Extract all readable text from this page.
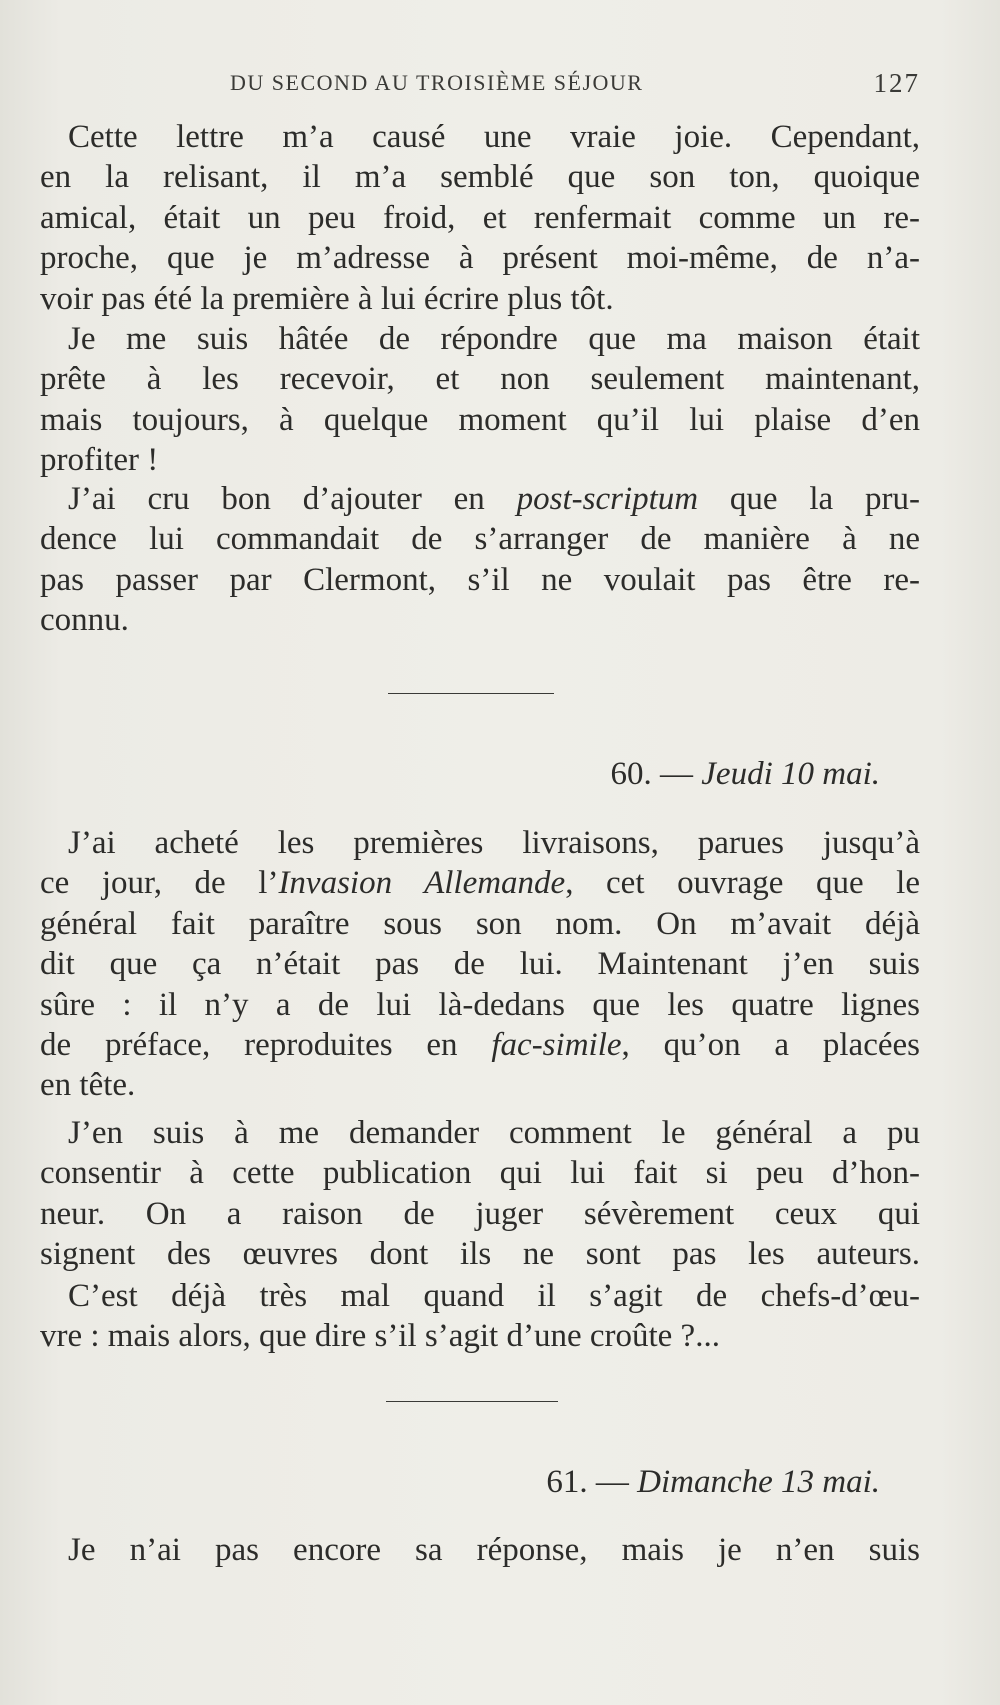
DU SECOND AU TROISIÈME SÉJOUR	127
Cette lettre m’a causé une vraie joie. Cependant,
en la relisant, il m’a semblé que son ton, quoique
amical, était un peu froid, et renfermait comme un re-
proche, que je m’adresse à présent moi-même, de n’a-
voir pas été la première à lui écrire plus tôt.
Je me suis hâtée de répondre que ma maison était
prête à les recevoir, et non seulement maintenant,
mais toujours, à quelque moment qu’il lui plaise d’en
profiter !
J’ai cru bon d’ajouter en post-scriptum que la pru-
dence lui commandait de s’arranger de manière à ne
pas passer par Clermont, s’il ne voulait pas être re-
connu.
60. — Jeudi 10 mai.
J’ai acheté les premières livraisons, parues jusqu’à
ce jour, de l’Invasion Allemande, cet ouvrage que le
général fait paraître sous son nom. On m’avait déjà
dit que ça n’était pas de lui. Maintenant j’en suis
sûre : il n’y a de lui là-dedans que les quatre lignes
de préface, reproduites en fac-simile, qu’on a placées
en tête.
J’en suis à me demander comment le général a pu
consentir à cette publication qui lui fait si peu d’hon-
neur. On a raison de juger sévèrement ceux qui
signent des œuvres dont ils ne sont pas les auteurs.
C’est déjà très mal quand il s’agit de chefs-d’œu-
vre : mais alors, que dire s’il s’agit d’une croûte ?...
61. — Dimanche 13 mai.
Je n’ai pas encore sa réponse, mais je n’en suis
